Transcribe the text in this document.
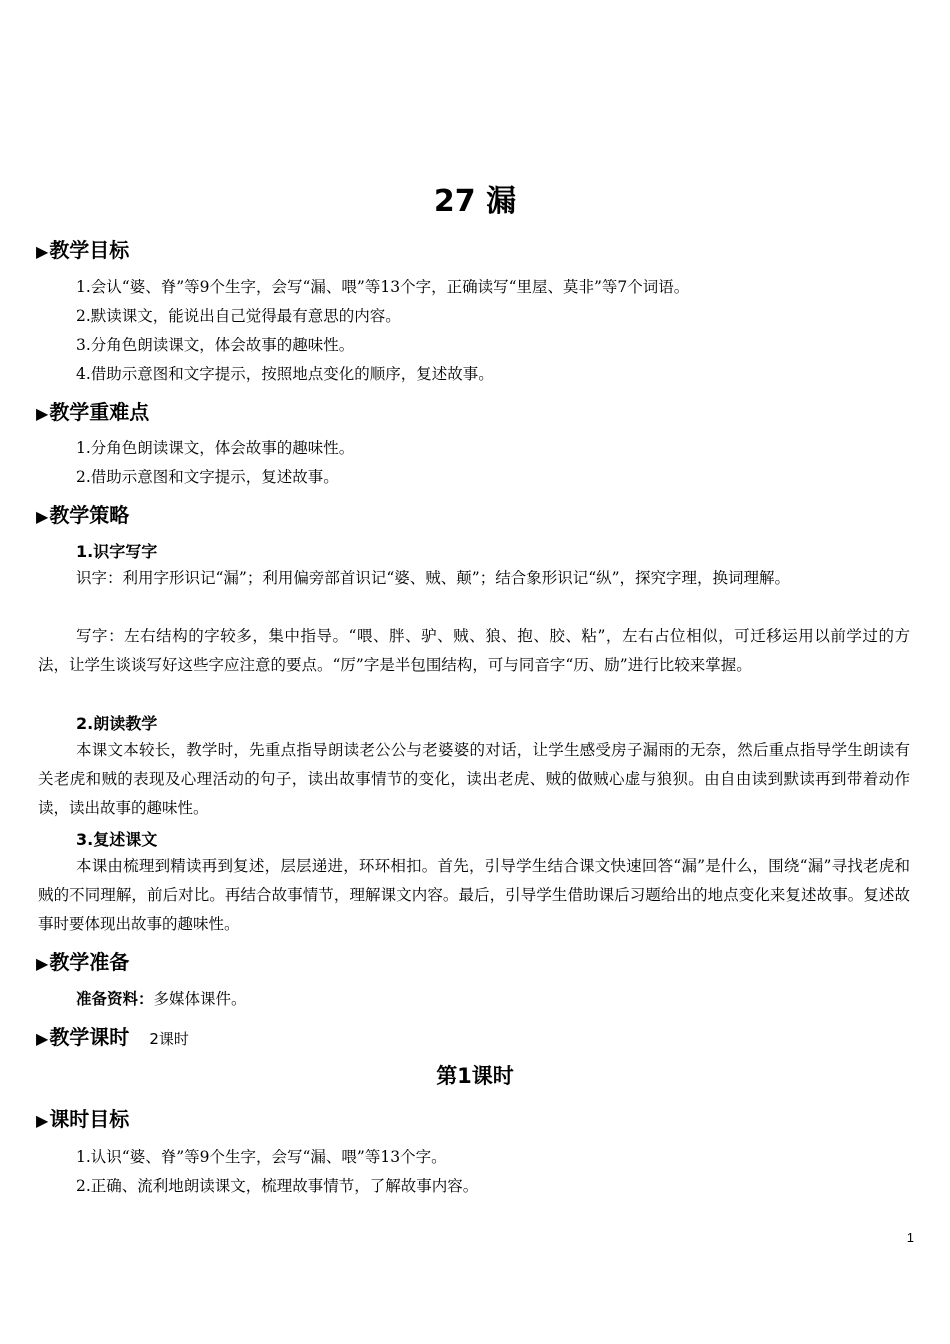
27 漏
▶教学目标
1.会认“婆、脊”等9个生字，会写“漏、喂”等13个字，正确读写“里屋、莫非”等7个词语。
2.默读课文，能说出自己觉得最有意思的内容。
3.分角色朗读课文，体会故事的趣味性。
4.借助示意图和文字提示，按照地点变化的顺序，复述故事。
▶教学重难点
1.分角色朗读课文，体会故事的趣味性。
2.借助示意图和文字提示，复述故事。
▶教学策略
1.识字写字
识字：利用字形识记“漏”；利用偏旁部首识记“婆、贼、颠”；结合象形识记“纵”，探究字理，换词理解。
写字：左右结构的字较多，集中指导。“喂、胖、驴、贼、狼、抱、胶、粘”，左右占位相似，可迁移运用以前学过的方法，让学生谈谈写好这些字应注意的要点。“厉”字是半包围结构，可与同音字“历、励”进行比较来掌握。
2.朗读教学
本课文本较长，教学时，先重点指导朗读老公公与老婆婆的对话，让学生感受房子漏雨的无奈，然后重点指导学生朗读有关老虎和贼的表现及心理活动的句子，读出故事情节的变化，读出老虎、贼的做贼心虚与狼狈。由自由读到默读再到带着动作读，读出故事的趣味性。
3.复述课文
本课由梳理到精读再到复述，层层递进，环环相扣。首先，引导学生结合课文快速回答“漏”是什么，围绕“漏”寻找老虎和贼的不同理解，前后对比。再结合故事情节，理解课文内容。最后，引导学生借助课后习题给出的地点变化来复述故事。复述故事时要体现出故事的趣味性。
▶教学准备
准备资料：多媒体课件。
▶教学课时 2课时
第1课时
▶课时目标
1.认识“婆、脊”等9个生字，会写“漏、喂”等13个字。
2.正确、流利地朗读课文，梳理故事情节，了解故事内容。
1
